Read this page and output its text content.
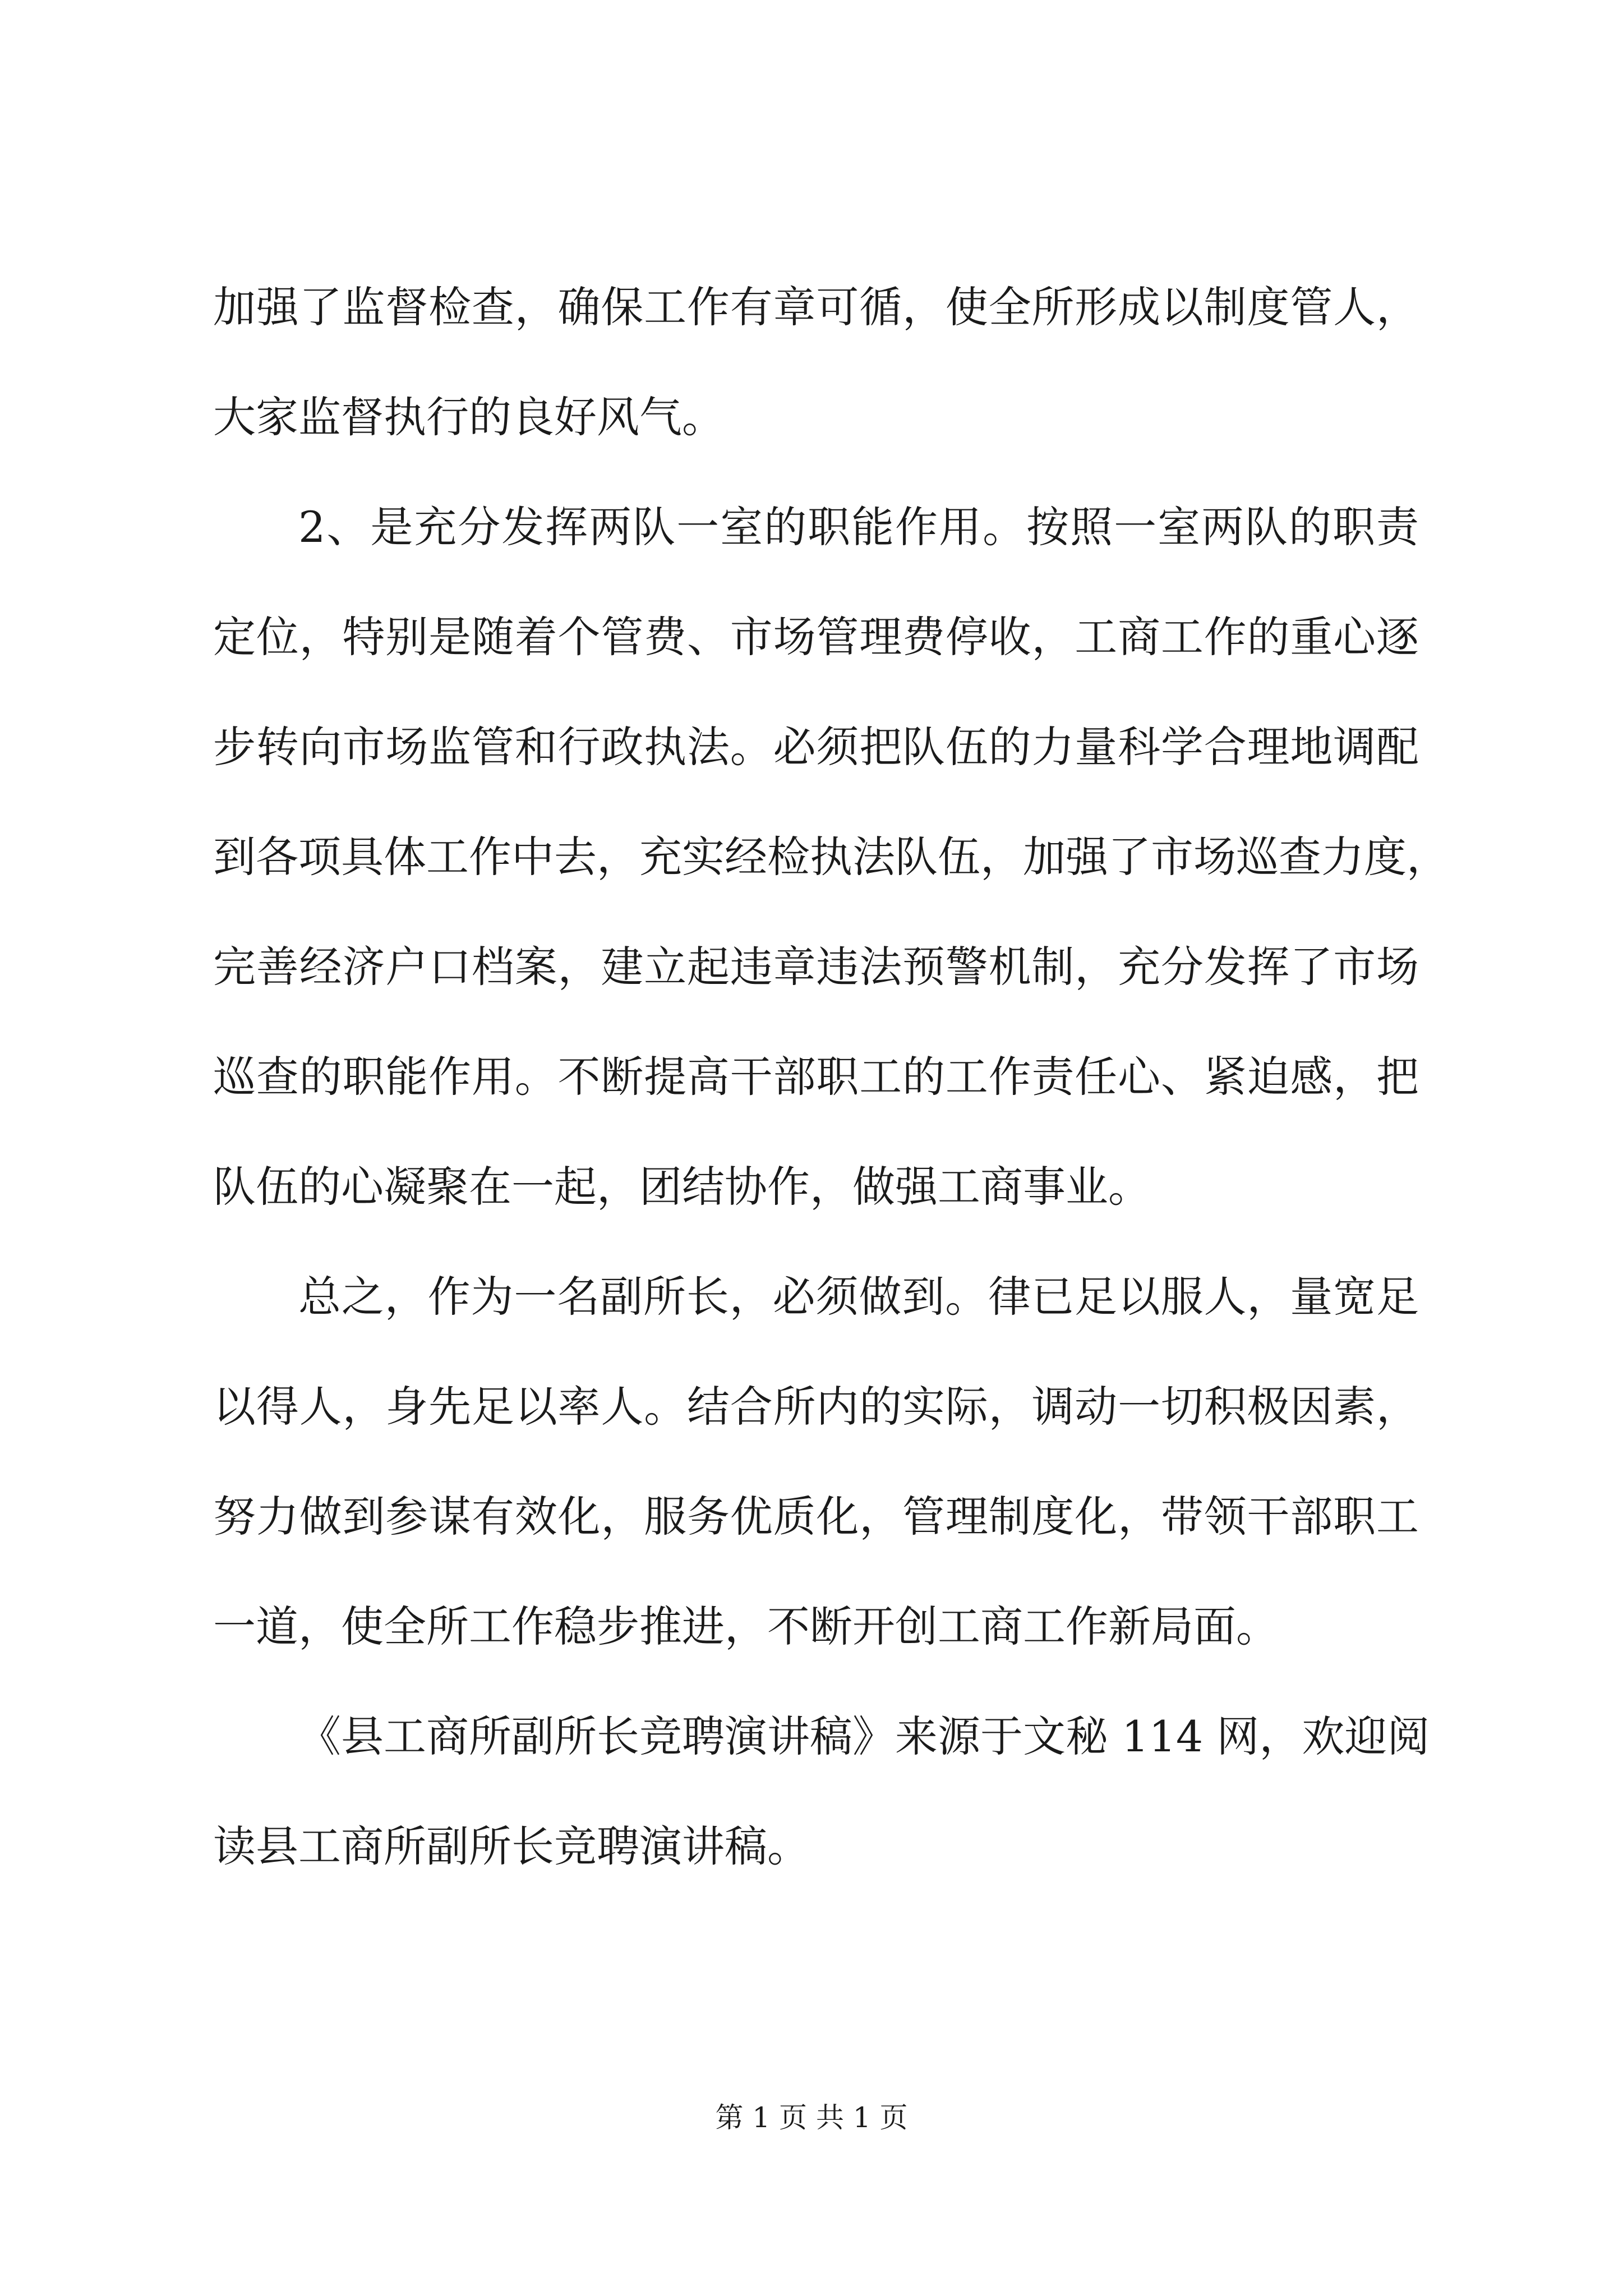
加强了监督检查，确保工作有章可循，使全所形成以制度管人，
大家监督执行的良好风气。
2、是充分发挥两队一室的职能作用。按照一室两队的职责
定位，特别是随着个管费、市场管理费停收，工商工作的重心逐
步转向市场监管和行政执法。必须把队伍的力量科学合理地调配
到各项具体工作中去，充实经检执法队伍，加强了市场巡查力度，
完善经济户口档案，建立起违章违法预警机制，充分发挥了市场
巡查的职能作用。不断提高干部职工的工作责任心、紧迫感，把
队伍的心凝聚在一起，团结协作，做强工商事业。
总之，作为一名副所长，必须做到。律已足以服人，量宽足
以得人，身先足以率人。结合所内的实际，调动一切积极因素，
努力做到参谋有效化，服务优质化，管理制度化，带领干部职工
一道，使全所工作稳步推进，不断开创工商工作新局面。
《县工商所副所长竞聘演讲稿》来源于文秘 114 网，欢迎阅
读县工商所副所长竞聘演讲稿。
第 1 页 共 1 页
